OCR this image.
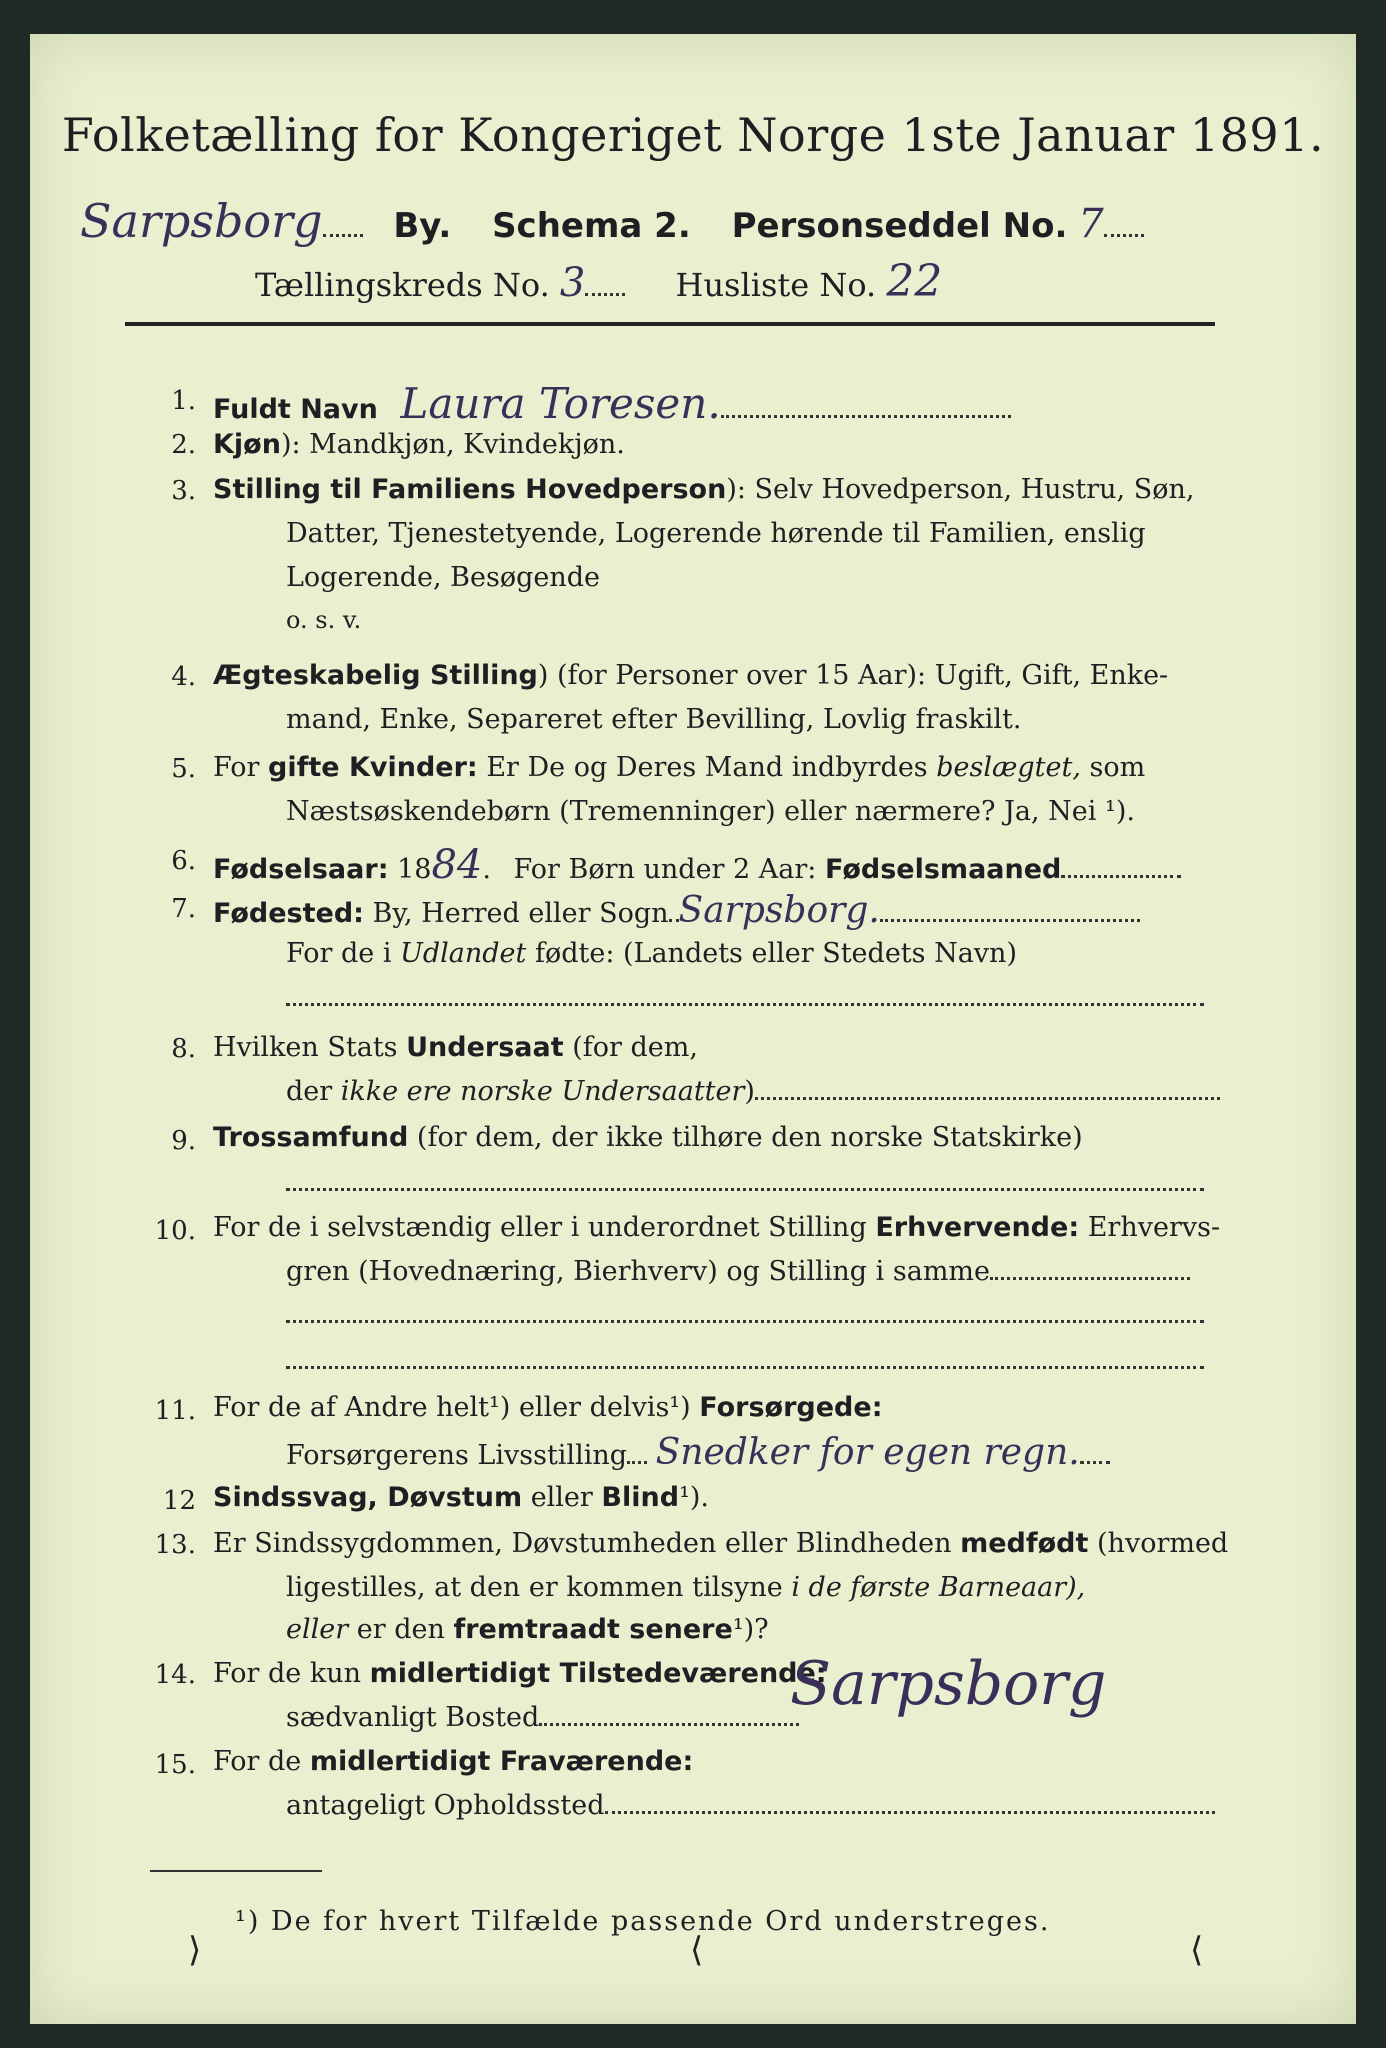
Folketælling for Kongeriget Norge 1ste Januar 1891.
Sarpsborg By. Schema 2. Personseddel No. 7
Tællingskreds No. 3	Husliste No. 22
1. Fuldt Navn Laura Toresen.
2. Kjøn): Mandkjøn, Kvindekjøn.
3. Stilling til Familiens Hovedperson): Selv Hovedperson, Hustru, Søn,
Datter, Tjenestetyende, Logerende hørende til Familien, enslig
Logerende, Besøgende
o. s. v.
4. Ægteskabelig Stilling) (for Personer over 15 Aar): Ugift, Gift, Enke-
mand, Enke, Separeret efter Bevilling, Lovlig fraskilt.
5. For gifte Kvinder: Er De og Deres Mand indbyrdes beslægtet, som
Næstsøskendebørn (Tremenninger) eller nærmere? Ja, Nei ¹).
6. Fødselsaar: 1884. For Børn under 2 Aar: Fødselsmaaned
7. Fødested: By, Herred eller Sogn Sarpsborg.
For de i Udlandet fødte: (Landets eller Stedets Navn)
8. Hvilken Stats Undersaat (for dem,
der ikke ere norske Undersaatter)
9. Trossamfund (for dem, der ikke tilhøre den norske Statskirke)
10. For de i selvstændig eller i underordnet Stilling Erhvervende: Erhvervs-
gren (Hovednæring, Bierhverv) og Stilling i samme
11. For de af Andre helt¹) eller delvis¹) Forsørgede:
Forsørgerens Livsstilling Snedker for egen regn.
12 Sindssvag, Døvstum eller Blind¹).
13. Er Sindssygdommen, Døvstumheden eller Blindheden medfødt (hvormed
ligestilles, at den er kommen tilsyne i de første Barneaar),
eller er den fremtraadt senere¹)?
14. For de kun midlertidigt Tilstedeværende:
sædvanligt Bosted	Sarpsborg
15. For de midlertidigt Fraværende:
antageligt Opholdssted
¹) De for hvert Tilfælde passende Ord understreges.
⟩	⟨	⟨
